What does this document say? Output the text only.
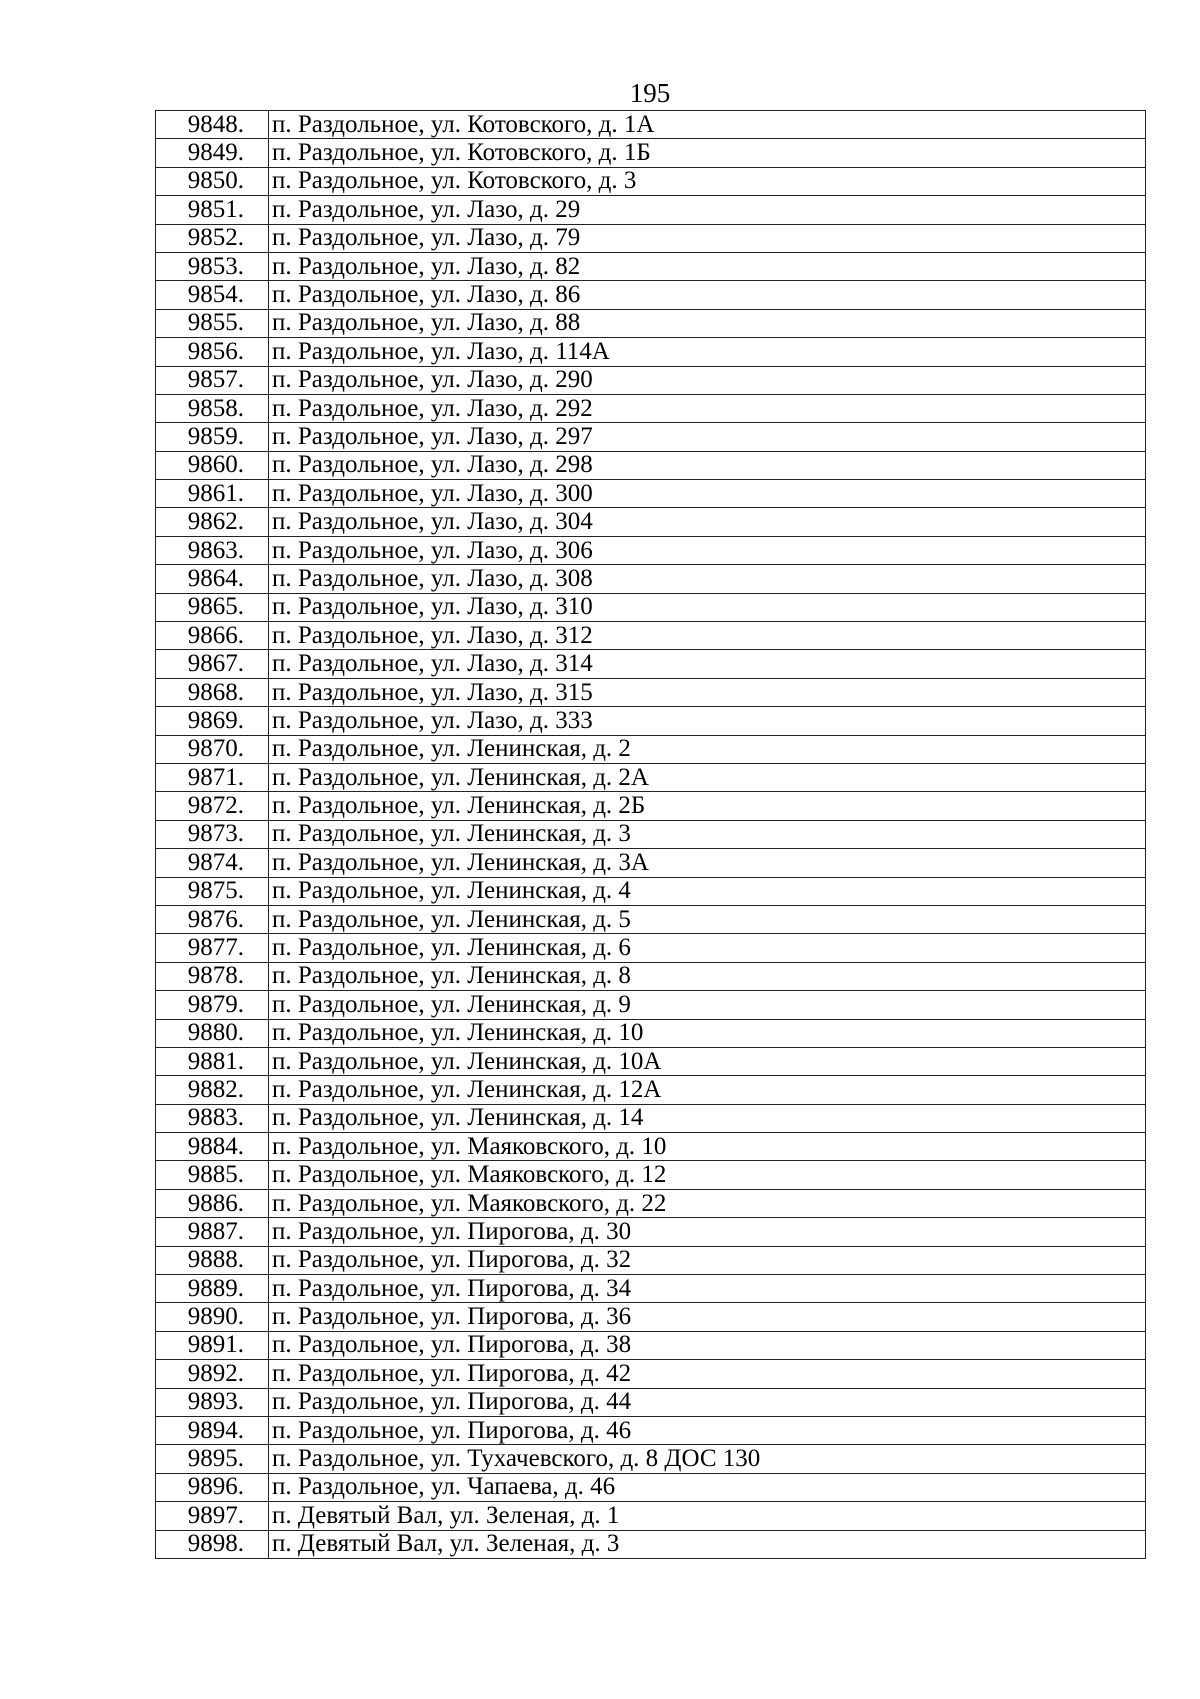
195
9848.	п. Раздольное, ул. Котовского, д. 1А
9849.	п. Раздольное, ул. Котовского, д. 1Б
9850.	п. Раздольное, ул. Котовского, д. 3
9851.	п. Раздольное, ул. Лазо, д. 29
9852.	п. Раздольное, ул. Лазо, д. 79
9853.	п. Раздольное, ул. Лазо, д. 82
9854.	п. Раздольное, ул. Лазо, д. 86
9855.	п. Раздольное, ул. Лазо, д. 88
9856.	п. Раздольное, ул. Лазо, д. 114А
9857.	п. Раздольное, ул. Лазо, д. 290
9858.	п. Раздольное, ул. Лазо, д. 292
9859.	п. Раздольное, ул. Лазо, д. 297
9860.	п. Раздольное, ул. Лазо, д. 298
9861.	п. Раздольное, ул. Лазо, д. 300
9862.	п. Раздольное, ул. Лазо, д. 304
9863.	п. Раздольное, ул. Лазо, д. 306
9864.	п. Раздольное, ул. Лазо, д. 308
9865.	п. Раздольное, ул. Лазо, д. 310
9866.	п. Раздольное, ул. Лазо, д. 312
9867.	п. Раздольное, ул. Лазо, д. 314
9868.	п. Раздольное, ул. Лазо, д. 315
9869.	п. Раздольное, ул. Лазо, д. 333
9870.	п. Раздольное, ул. Ленинская, д. 2
9871.	п. Раздольное, ул. Ленинская, д. 2А
9872.	п. Раздольное, ул. Ленинская, д. 2Б
9873.	п. Раздольное, ул. Ленинская, д. 3
9874.	п. Раздольное, ул. Ленинская, д. 3А
9875.	п. Раздольное, ул. Ленинская, д. 4
9876.	п. Раздольное, ул. Ленинская, д. 5
9877.	п. Раздольное, ул. Ленинская, д. 6
9878.	п. Раздольное, ул. Ленинская, д. 8
9879.	п. Раздольное, ул. Ленинская, д. 9
9880.	п. Раздольное, ул. Ленинская, д. 10
9881.	п. Раздольное, ул. Ленинская, д. 10А
9882.	п. Раздольное, ул. Ленинская, д. 12А
9883.	п. Раздольное, ул. Ленинская, д. 14
9884.	п. Раздольное, ул. Маяковского, д. 10
9885.	п. Раздольное, ул. Маяковского, д. 12
9886.	п. Раздольное, ул. Маяковского, д. 22
9887.	п. Раздольное, ул. Пирогова, д. 30
9888.	п. Раздольное, ул. Пирогова, д. 32
9889.	п. Раздольное, ул. Пирогова, д. 34
9890.	п. Раздольное, ул. Пирогова, д. 36
9891.	п. Раздольное, ул. Пирогова, д. 38
9892.	п. Раздольное, ул. Пирогова, д. 42
9893.	п. Раздольное, ул. Пирогова, д. 44
9894.	п. Раздольное, ул. Пирогова, д. 46
9895.	п. Раздольное, ул. Тухачевского, д. 8 ДОС 130
9896.	п. Раздольное, ул. Чапаева, д. 46
9897.	п. Девятый Вал, ул. Зеленая, д. 1
9898.	п. Девятый Вал, ул. Зеленая, д. 3
